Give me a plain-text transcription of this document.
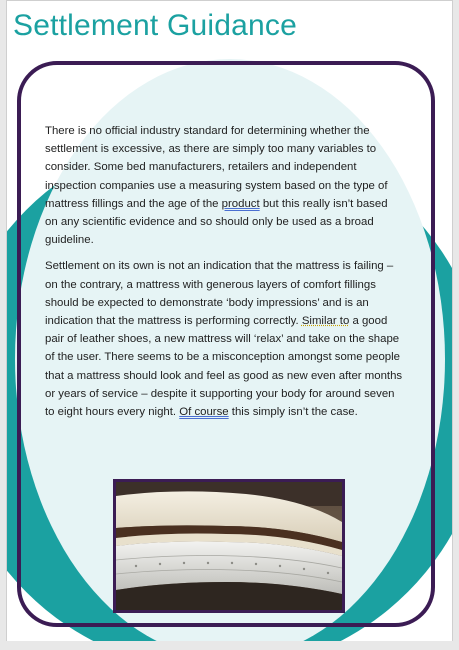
Settlement Guidance

There is no official industry standard for determining whether the settlement is excessive, as there are simply too many variables to consider. Some bed manufacturers, retailers and independent inspection companies use a measuring system based on the type of mattress fillings and the age of the product but this really isn’t based on any scientific evidence and so should only be used as a broad guideline.

Settlement on its own is not an indication that the mattress is failing – on the contrary, a mattress with generous layers of comfort fillings should be expected to demonstrate ‘body impressions’ and is an indication that the mattress is performing correctly. Similar to a good pair of leather shoes, a new mattress will ‘relax’ and take on the shape of the user. There seems to be a misconception amongst some people that a mattress should look and feel as good as new even after months or years of service – despite it supporting your body for around seven to eight hours every night. Of course this simply isn’t the case.
